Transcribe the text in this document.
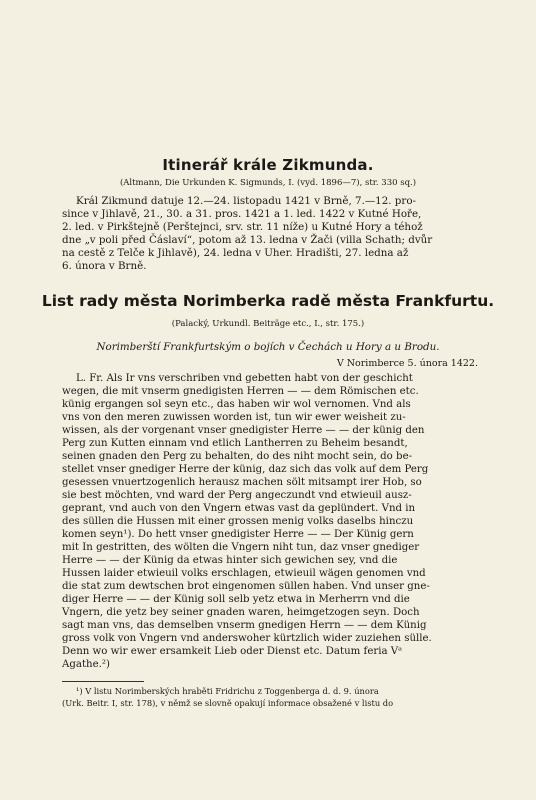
Itinerář krále Zikmunda.
(Altmann, Die Urkunden K. Sigmunds, I. (vyd. 1896—7), str. 330 sq.)
Král Zikmund datuje 12.—24. listopadu 1421 v Brně, 7.—12. pro-
since v Jihlavě, 21., 30. a 31. pros. 1421 a 1. led. 1422 v Kutné Hoře,
2. led. v Pirkštejně (Perštejnci, srv. str. 11 níže) u Kutné Hory a téhož
dne „v poli před Čáslaví“, potom až 13. ledna v Žači (villa Schath; dvůr
na cestě z Telče k Jihlavě), 24. ledna v Uher. Hradišti, 27. ledna až
6. února v Brně.
List rady města Norimberka radě města Frankfurtu.
(Palacký, Urkundl. Beiträge etc., I., str. 175.)
Norimberští Frankfurtským o bojích v Čechách u Hory a u Brodu.
V Norimberce 5. února 1422.
L. Fr. Als Ir vns verschriben vnd gebetten habt von der geschicht
wegen, die mit vnserm gnedigisten Herren — — dem Römischen etc.
künig ergangen sol seyn etc., das haben wir wol vernomen. Vnd als
vns von den meren zuwissen worden ist, tun wir ewer weisheit zu-
wissen, als der vorgenant vnser gnedigister Herre — — der künig den
Perg zun Kutten einnam vnd etlich Lantherren zu Beheim besandt,
seinen gnaden den Perg zu behalten, do des niht mocht sein, do be-
stellet vnser gnediger Herre der künig, daz sich das volk auf dem Perg
gesessen vnuertzogenlich herausz machen sölt mitsampt irer Hob, so
sie best möchten, vnd ward der Perg angeczundt vnd etwieuil ausz-
geprant, vnd auch von den Vngern etwas vast da geplündert. Vnd in
des süllen die Hussen mit einer grossen menig volks daselbs hinczu
komen seyn¹). Do hett vnser gnedigister Herre — — Der Künig gern
mit In gestritten, des wölten die Vngern niht tun, daz vnser gnediger
Herre — — der Künig da etwas hinter sich gewichen sey, vnd die
Hussen laider etwieuil volks erschlagen, etwieuil wägen genomen vnd
die stat zum dewtschen brot eingenomen süllen haben. Vnd unser gne-
diger Herre — — der Künig soll selb yetz etwa in Merherrn vnd die
Vngern, die yetz bey seiner gnaden waren, heimgetzogen seyn. Doch
sagt man vns, das demselben vnserm gnedigen Herrn — — dem Künig
gross volk von Vngern vnd anderswoher kürtzlich wider zuziehen sülle.
Denn wo wir ewer ersamkeit Lieb oder Dienst etc. Datum feria Vᵃ
Agathe.²)
¹) V listu Norimberských hraběti Fridrichu z Toggenberga d. d. 9. února
(Urk. Beitr. I, str. 178), v němž se slovně opakují informace obsažené v listu do
